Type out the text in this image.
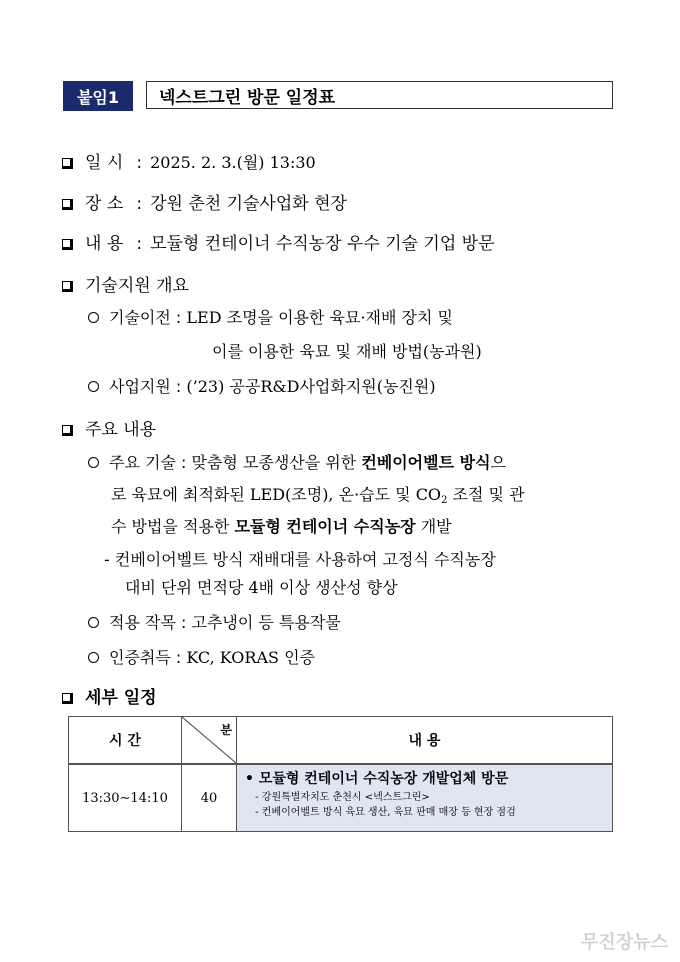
붙임1	넥스트그린 방문 일정표
일 시 : 2025. 2. 3.(월) 13:30
장 소 : 강원 춘천 기술사업화 현장
내 용 : 모듈형 컨테이너 수직농장 우수 기술 기업 방문
기술지원 개요
기술이전 : LED 조명을 이용한 육묘·재배 장치 및
이를 이용한 육묘 및 재배 방법(농과원)
사업지원 : (’23) 공공R&D사업화지원(농진원)
주요 내용
주요 기술 : 맞춤형 모종생산을 위한 컨베이어벨트 방식으
로 육묘에 최적화된 LED(조명), 온·습도 및 $CO_2$ 조절 및 관
수 방법을 적용한 모듈형 컨테이너 수직농장 개발
- 컨베이어벨트 방식 재배대를 사용하여 고정식 수직농장
대비 단위 면적당 4배 이상 생산성 향상
적용 작목 : 고추냉이 등 특용작물
인증취득 : KC, KORAS 인증
세부 일정
시 간	분	내 용
13:30∼14:10	40	• 모듈형 컨테이너 수직농장 개발업체 방문
- 강원특별자치도 춘천시 <넥스트그린>
- 컨베이어벨트 방식 육묘 생산, 육묘 판매 매장 등 현장 점검
무진장뉴스
